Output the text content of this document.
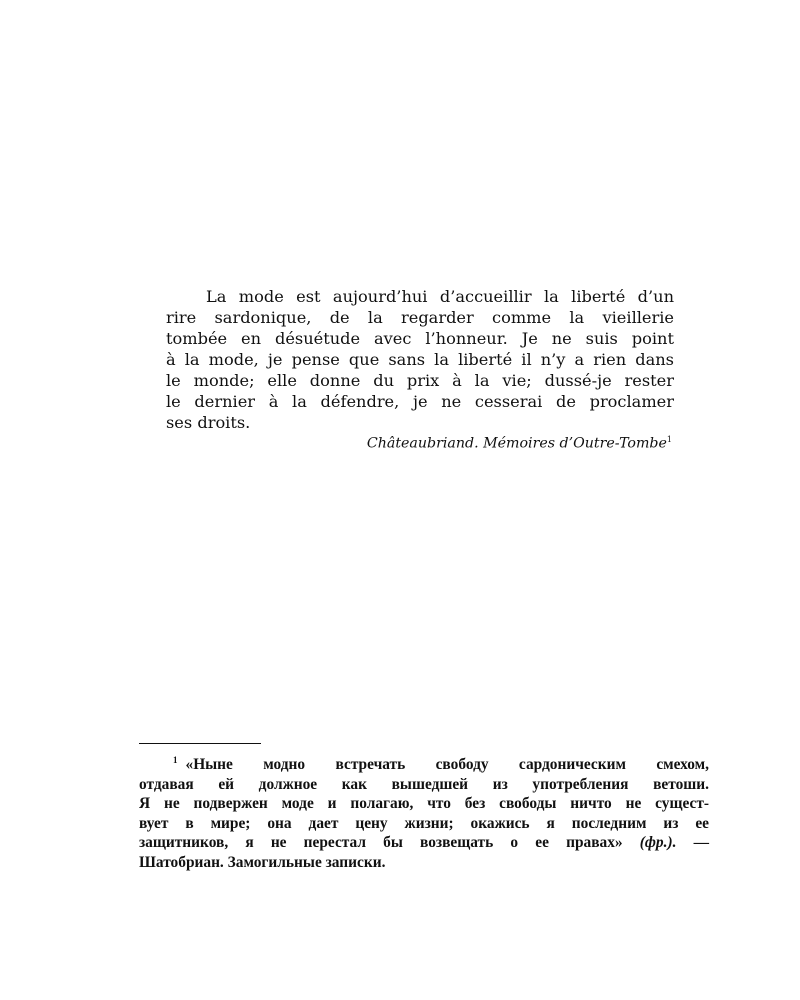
La mode est aujourd’hui d’accueillir la liberté d’un
rire sardonique, de la regarder comme la vieillerie
tombée en désuétude avec l’honneur. Je ne suis point
à la mode, je pense que sans la liberté il n’y a rien dans
le monde; elle donne du prix à la vie; dussé-je rester
le dernier à la défendre, je ne cesserai de proclamer
ses droits.
Châteaubriand. Mémoires d’Outre-Tombe$^1$
$^1$ «Ныне модно встречать свободу сардоническим смехом,
отдавая ей должное как вышедшей из употребления ветоши.
Я не подвержен моде и полагаю, что без свободы ничто не сущест-
вует в мире; она дает цену жизни; окажись я последним из ее
защитников, я не перестал бы возвещать о ее правах» (фр.). —
Шатобриан. Замогильные записки.
